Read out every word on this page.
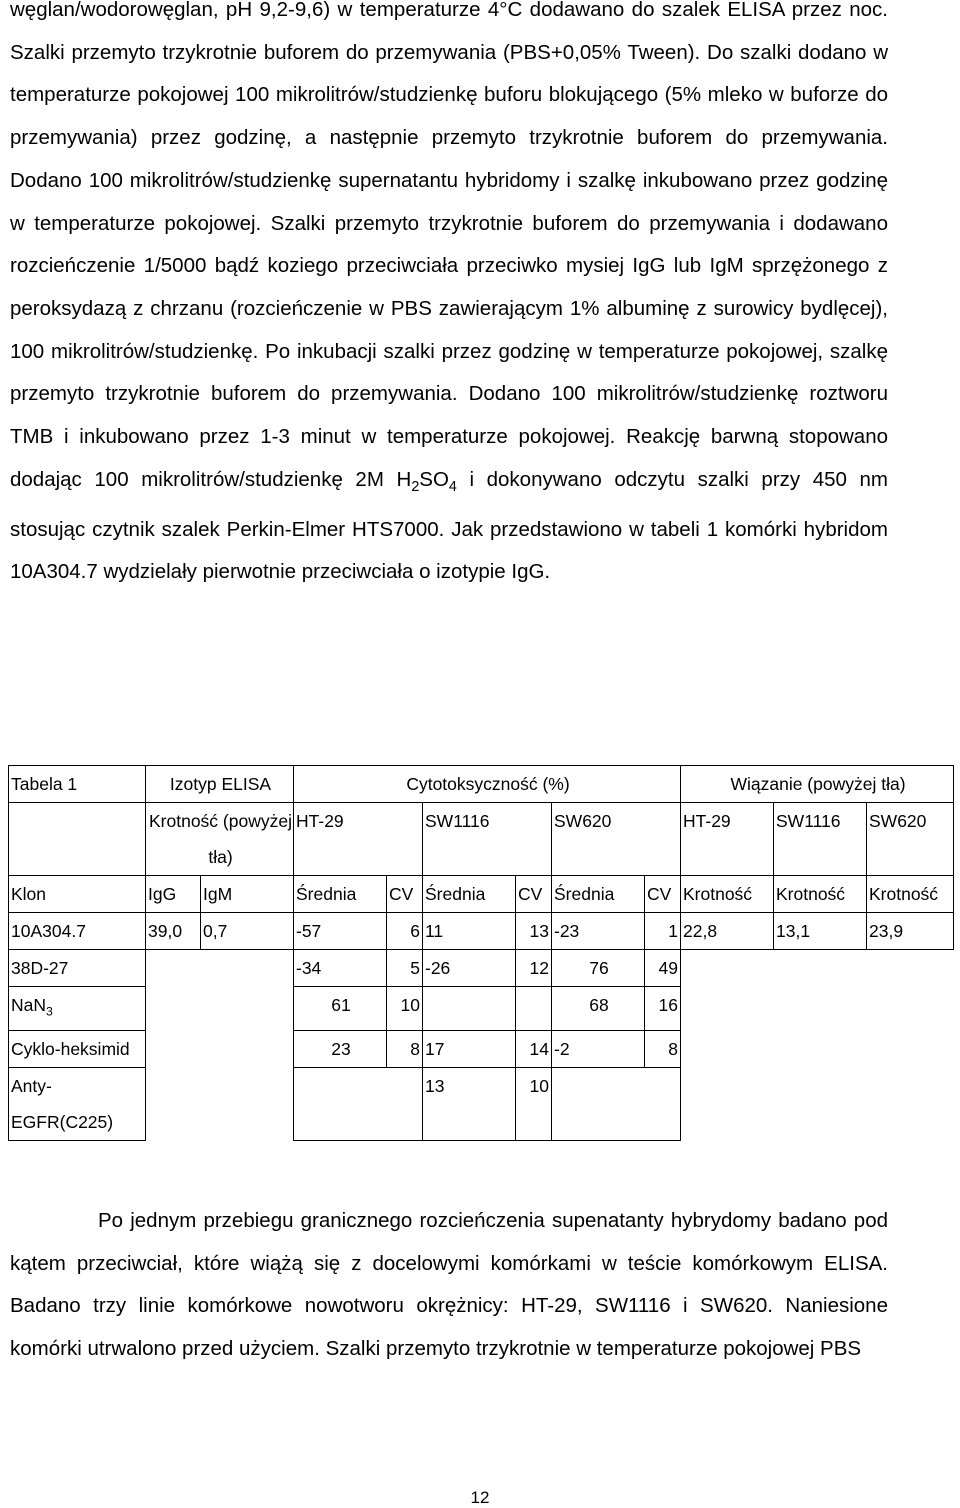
węglan/wodorowęglan, pH 9,2-9,6) w temperaturze 4°C dodawano do szalek ELISA przez noc. Szalki przemyto trzykrotnie buforem do przemywania (PBS+0,05% Tween). Do szalki dodano w temperaturze pokojowej 100 mikrolitrów/studzienkę buforu blokującego (5% mleko w buforze do przemywania) przez godzinę, a następnie przemyto trzykrotnie buforem do przemywania. Dodano 100 mikrolitrów/studzienkę supernatantu hybridomy i szalkę inkubowano przez godzinę w temperaturze pokojowej. Szalki przemyto trzykrotnie buforem do przemywania i dodawano rozcieńczenie 1/5000 bądź koziego przeciwciała przeciwko mysiej IgG lub IgM sprzężonego z peroksydazą z chrzanu (rozcieńczenie w PBS zawierającym 1% albuminę z surowicy bydlęcej), 100 mikrolitrów/studzienkę. Po inkubacji szalki przez godzinę w temperaturze pokojowej, szalkę przemyto trzykrotnie buforem do przemywania. Dodano 100 mikrolitrów/studzienkę roztworu TMB i inkubowano przez 1-3 minut w temperaturze pokojowej. Reakcję barwną stopowano dodając 100 mikrolitrów/studzienkę 2M $H_2SO_4$ i dokonywano odczytu szalki przy 450 nm stosując czytnik szalek Perkin-Elmer HTS7000. Jak przedstawiono w tabeli 1 komórki hybridom 10A304.7 wydzielały pierwotnie przeciwciała o izotypie IgG.
Tabela 1	Izotyp ELISA		Cytotoksyczność (%)						Wiązanie (powyżej tła)		
	Krotność (powyżej tła)		HT-29		SW1116		SW620		HT-29	SW1116	SW620
Klon	IgG	IgM	Średnia	CV	Średnia	CV	Średnia	CV	Krotność	Krotność	Krotność
10A304.7	39,0	0,7	-57	6	11	13	-23	1	22,8	13,1	23,9
38D-27			-34	5	-26	12	76	49			
NaN$_3$			61	10			68	16			
Cyklo-heksimid			23	8	17	14	-2	8			
Anty-EGFR(C225)					13	10					
Po jednym przebiegu granicznego rozcieńczenia supenatanty hybrydomy badano pod kątem przeciwciał, które wiążą się z docelowymi komórkami w teście komórkowym ELISA. Badano trzy linie komórkowe nowotworu okrężnicy: HT-29, SW1116 i SW620. Naniesione komórki utrwalono przed użyciem. Szalki przemyto trzykrotnie w temperaturze pokojowej PBS
12
